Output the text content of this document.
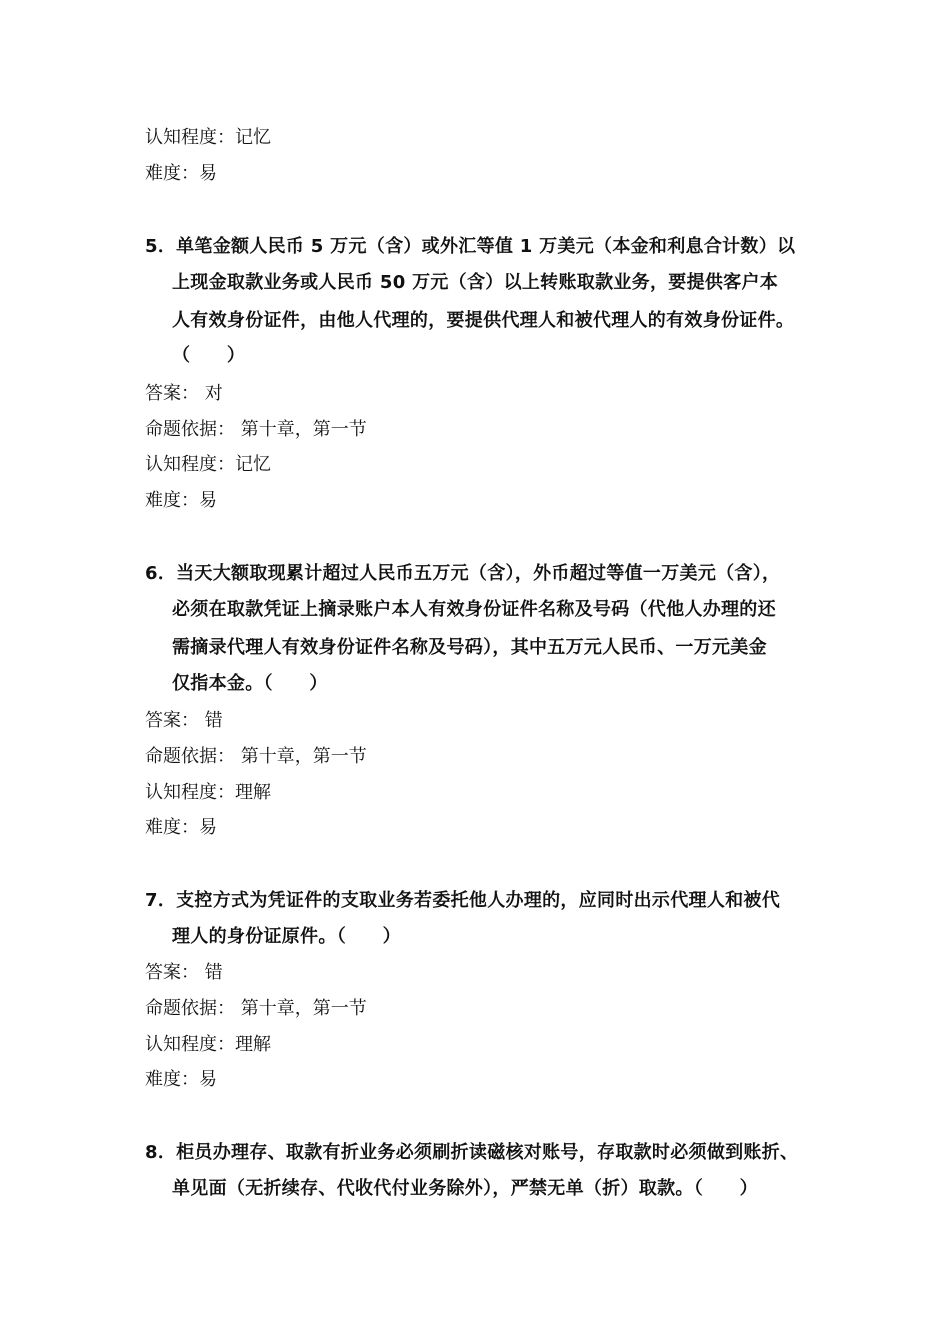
认知程度：记忆
难度：易
5．单笔金额人民币 5 万元（含）或外汇等值 1 万美元（本金和利息合计数）以
上现金取款业务或人民币 50 万元（含）以上转账取款业务，要提供客户本
人有效身份证件，由他人代理的，要提供代理人和被代理人的有效身份证件。
（　　）
答案： 对
命题依据： 第十章，第一节
认知程度：记忆
难度：易
6．当天大额取现累计超过人民币五万元（含），外币超过等值一万美元（含），
必须在取款凭证上摘录账户本人有效身份证件名称及号码（代他人办理的还
需摘录代理人有效身份证件名称及号码），其中五万元人民币、一万元美金
仅指本金。（　　）
答案： 错
命题依据： 第十章，第一节
认知程度：理解
难度：易
7．支控方式为凭证件的支取业务若委托他人办理的，应同时出示代理人和被代
理人的身份证原件。（　　）
答案： 错
命题依据： 第十章，第一节
认知程度：理解
难度：易
8．柜员办理存、取款有折业务必须刷折读磁核对账号，存取款时必须做到账折、
单见面（无折续存、代收代付业务除外），严禁无单（折）取款。（　　）
